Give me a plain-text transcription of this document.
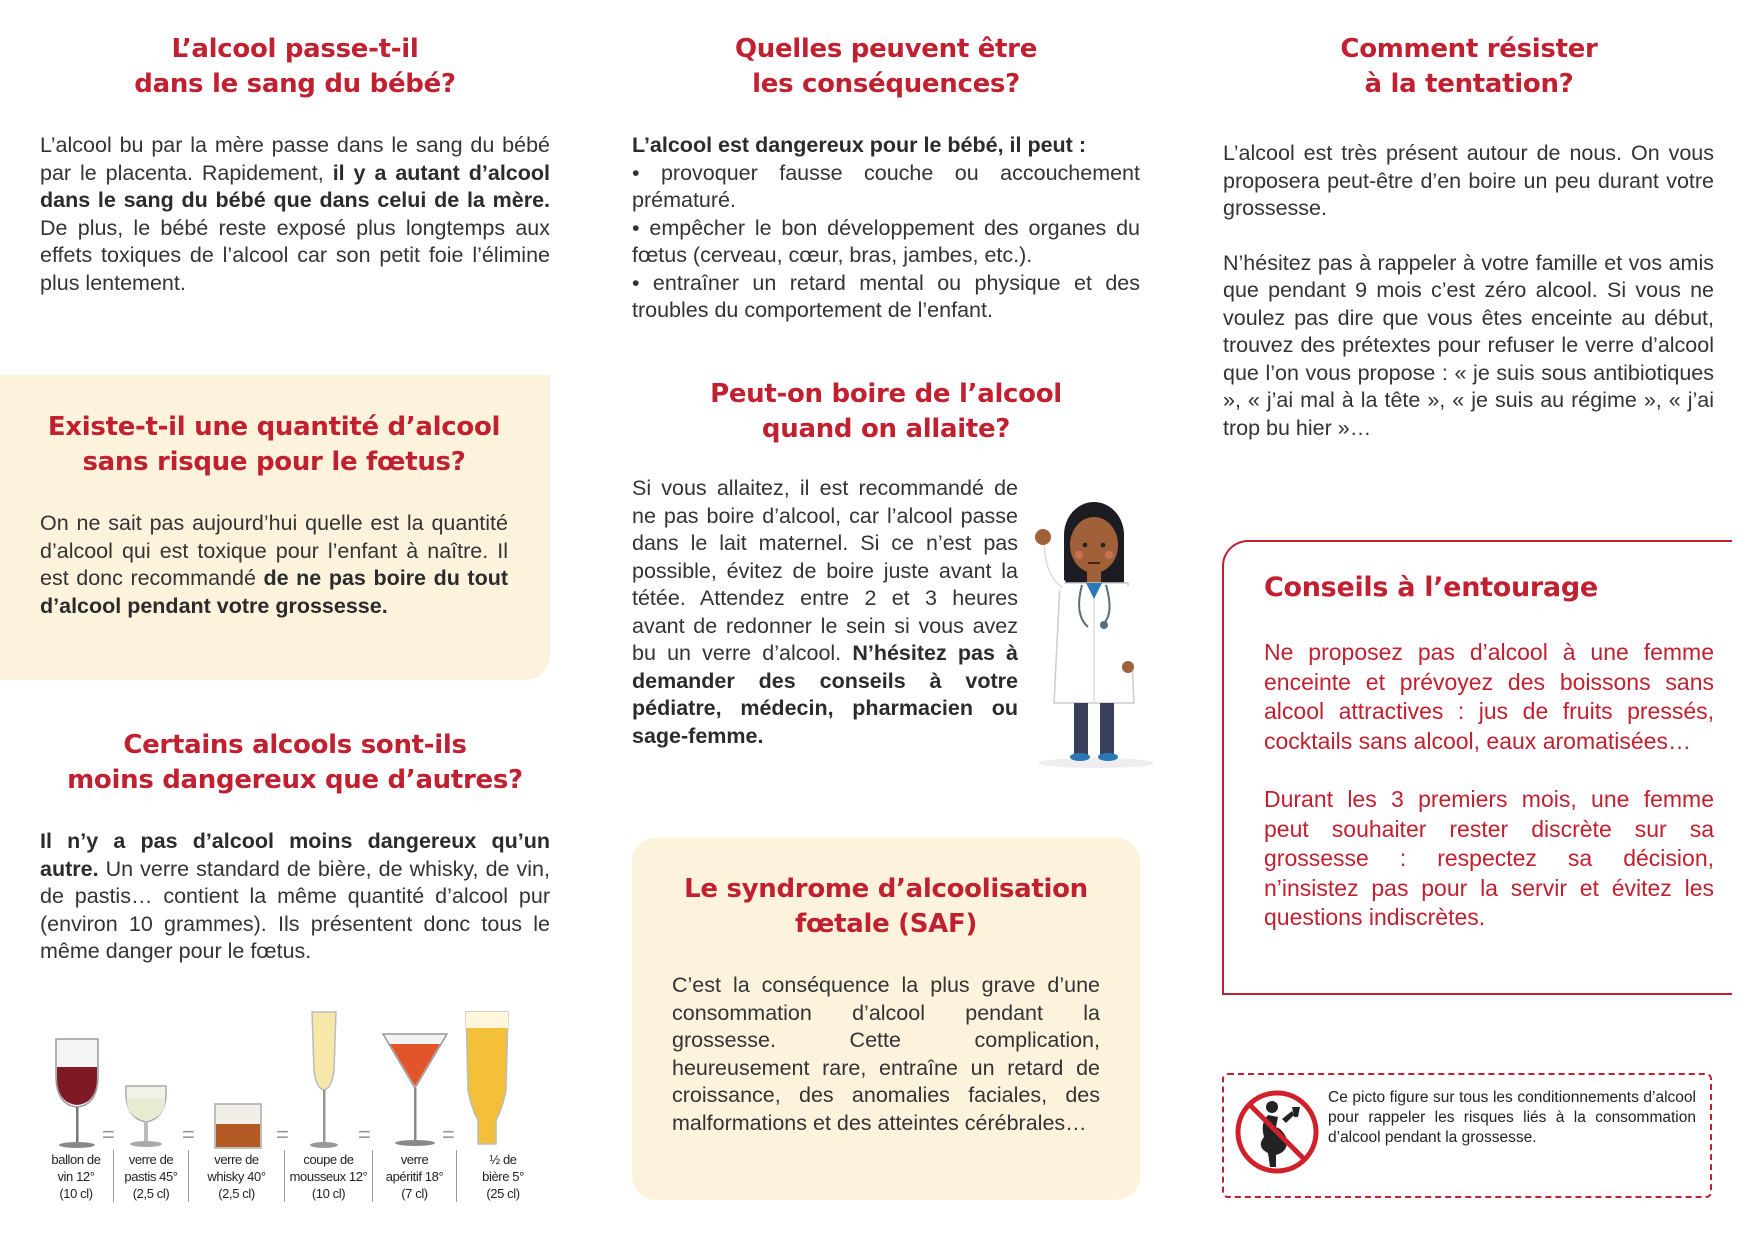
L’alcool passe-t-il
dans le sang du bébé?

L’alcool bu par la mère passe dans le sang du bébé par le placenta. Rapidement, il y a autant d’alcool dans le sang du bébé que dans celui de la mère. De plus, le bébé reste exposé plus longtemps aux effets toxiques de l’alcool car son petit foie l’élimine plus lentement.

Existe-t-il une quantité d’alcool
sans risque pour le fœtus?

On ne sait pas aujourd’hui quelle est la quantité d’alcool qui est toxique pour l’enfant à naître. Il est donc recommandé de ne pas boire du tout d’alcool pendant votre grossesse.

Certains alcools sont-ils
moins dangereux que d’autres?

Il n’y a pas d’alcool moins dangereux qu’un autre. Un verre standard de bière, de whisky, de vin, de pastis… contient la même quantité d’alcool pur (environ 10 grammes). Ils présentent donc tous le même danger pour le fœtus.

=	=	=	=	=
ballon de
vin 12°
(10 cl)
verre de
pastis 45°
(2,5 cl)
verre de
whisky 40°
(2,5 cl)
coupe de
mousseux 12°
(10 cl)
verre
apéritif 18°
(7 cl)
½ de
bière 5°
(25 cl)
Quelles peuvent être
les conséquences?

L’alcool est dangereux pour le bébé, il peut :
• provoquer fausse couche ou accouchement prématuré.
• empêcher le bon développement des organes du fœtus (cerveau, cœur, bras, jambes, etc.).
• entraîner un retard mental ou physique et des troubles du comportement de l’enfant.

Peut-on boire de l’alcool
quand on allaite?

Si vous allaitez, il est recommandé de ne pas boire d’alcool, car l’alcool passe dans le lait maternel. Si ce n’est pas possible, évitez de boire juste avant la tétée. Attendez entre 2 et 3 heures avant de redonner le sein si vous avez bu un verre d’alcool. N’hésitez pas à demander des conseils à votre pédiatre, médecin, pharmacien ou sage-femme.

Le syndrome d’alcoolisation
fœtale (SAF)

C’est la conséquence la plus grave d’une consommation d’alcool pendant la grossesse. Cette complication, heureusement rare, entraîne un retard de croissance, des anomalies faciales, des malformations et des atteintes cérébrales…

Comment résister
à la tentation?

L’alcool est très présent autour de nous. On vous proposera peut-être d’en boire un peu durant votre grossesse.

N’hésitez pas à rappeler à votre famille et vos amis que pendant 9 mois c’est zéro alcool. Si vous ne voulez pas dire que vous êtes enceinte au début, trouvez des prétextes pour refuser le verre d’alcool que l’on vous propose : « je suis sous antibiotiques », « j’ai mal à la tête », « je suis au régime », « j’ai trop bu hier »…

Conseils à l’entourage

Ne proposez pas d’alcool à une femme enceinte et prévoyez des boissons sans alcool attractives : jus de fruits pressés, cocktails sans alcool, eaux aromatisées…

Durant les 3 premiers mois, une femme peut souhaiter rester discrète sur sa grossesse : respectez sa décision, n’insistez pas pour la servir et évitez les questions indiscrètes.

Ce picto figure sur tous les conditionnements d’alcool pour rappeler les risques liés à la consommation d’alcool pendant la grossesse.
